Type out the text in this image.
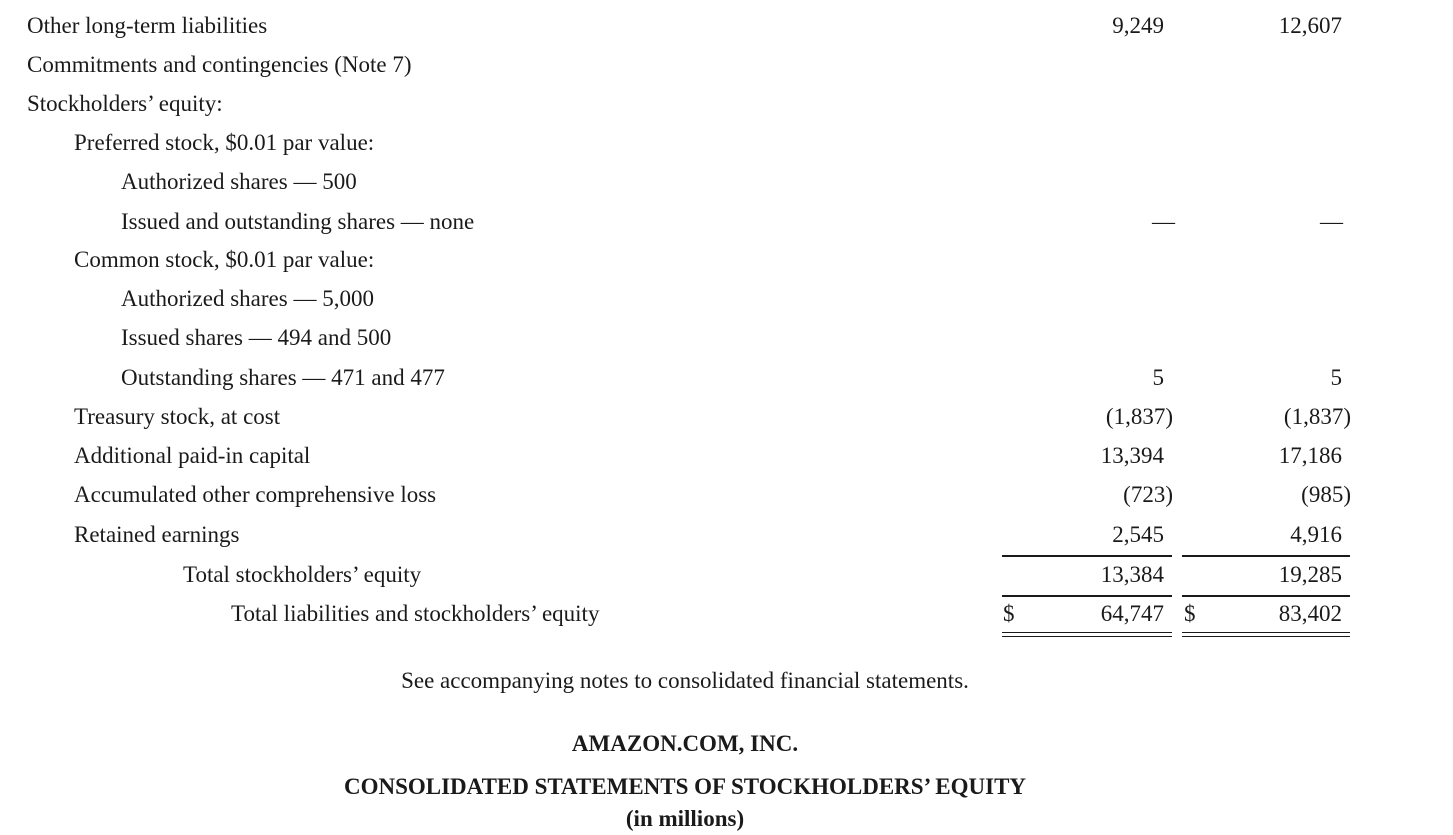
Other long-term liabilities	9,249	12,607
Commitments and contingencies (Note 7)
Stockholders’ equity:
Preferred stock, $0.01 par value:
Authorized shares — 500
Issued and outstanding shares — none	—	—
Common stock, $0.01 par value:
Authorized shares — 5,000
Issued shares — 494 and 500
Outstanding shares — 471 and 477	5	5
Treasury stock, at cost	(1,837)	(1,837)
Additional paid-in capital	13,394	17,186
Accumulated other comprehensive loss	(723)	(985)
Retained earnings	2,545	4,916
Total stockholders’ equity	13,384	19,285
Total liabilities and stockholders’ equity	$	64,747 $	83,402
See accompanying notes to consolidated financial statements.
AMAZON.COM, INC.
CONSOLIDATED STATEMENTS OF STOCKHOLDERS’ EQUITY
(in millions)
